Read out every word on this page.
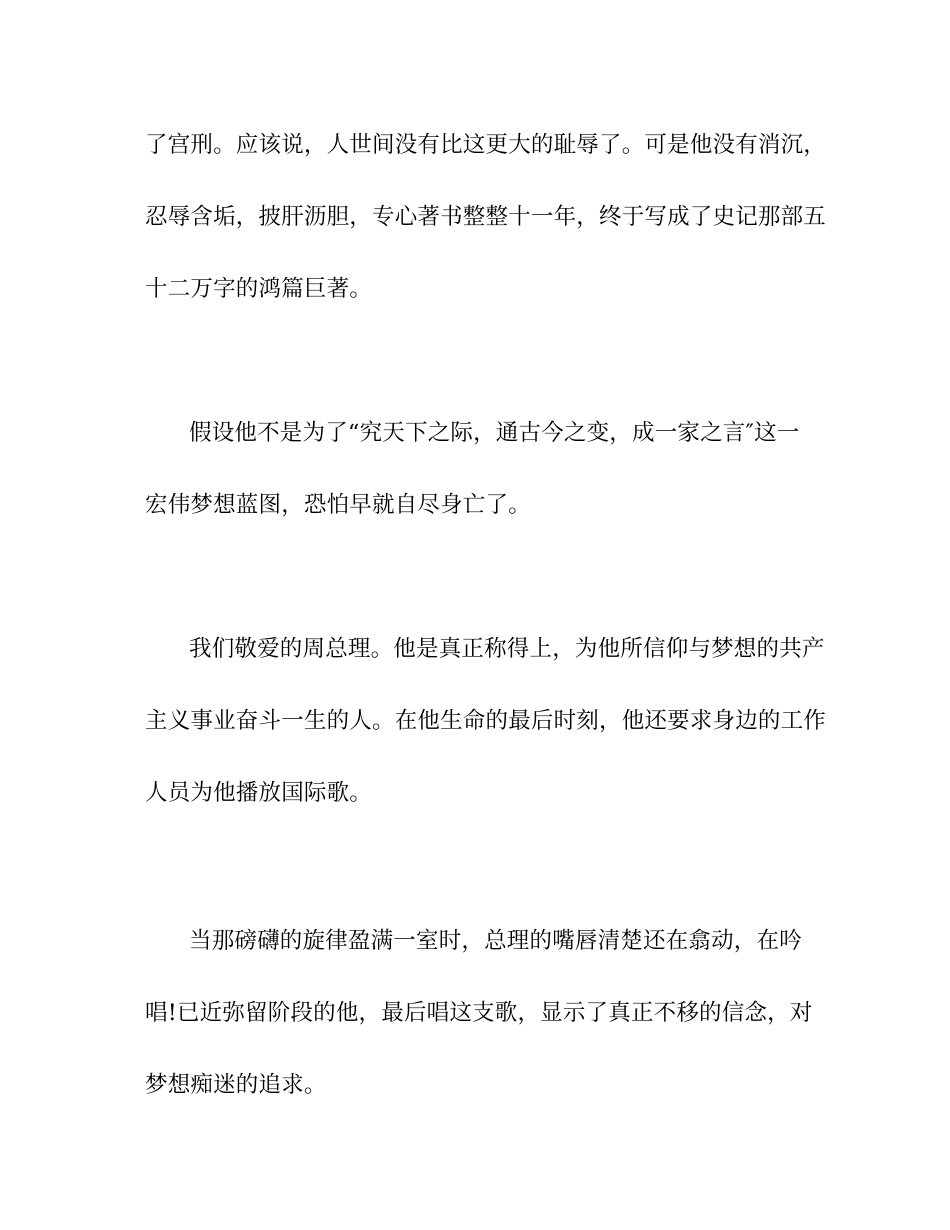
了宫刑。应该说，人世间没有比这更大的耻辱了。可是他没有消沉，
忍辱含垢，披肝沥胆，专心著书整整十一年，终于写成了史记那部五
十二万字的鸿篇巨著。
假设他不是为了“究天下之际，通古今之变，成一家之言″这一
宏伟梦想蓝图，恐怕早就自尽身亡了。
我们敬爱的周总理。他是真正称得上，为他所信仰与梦想的共产
主义事业奋斗一生的人。在他生命的最后时刻，他还要求身边的工作
人员为他播放国际歌。
当那磅礴的旋律盈满一室时，总理的嘴唇清楚还在翕动，在吟
唱!已近弥留阶段的他，最后唱这支歌，显示了真正不移的信念，对
梦想痴迷的追求。
